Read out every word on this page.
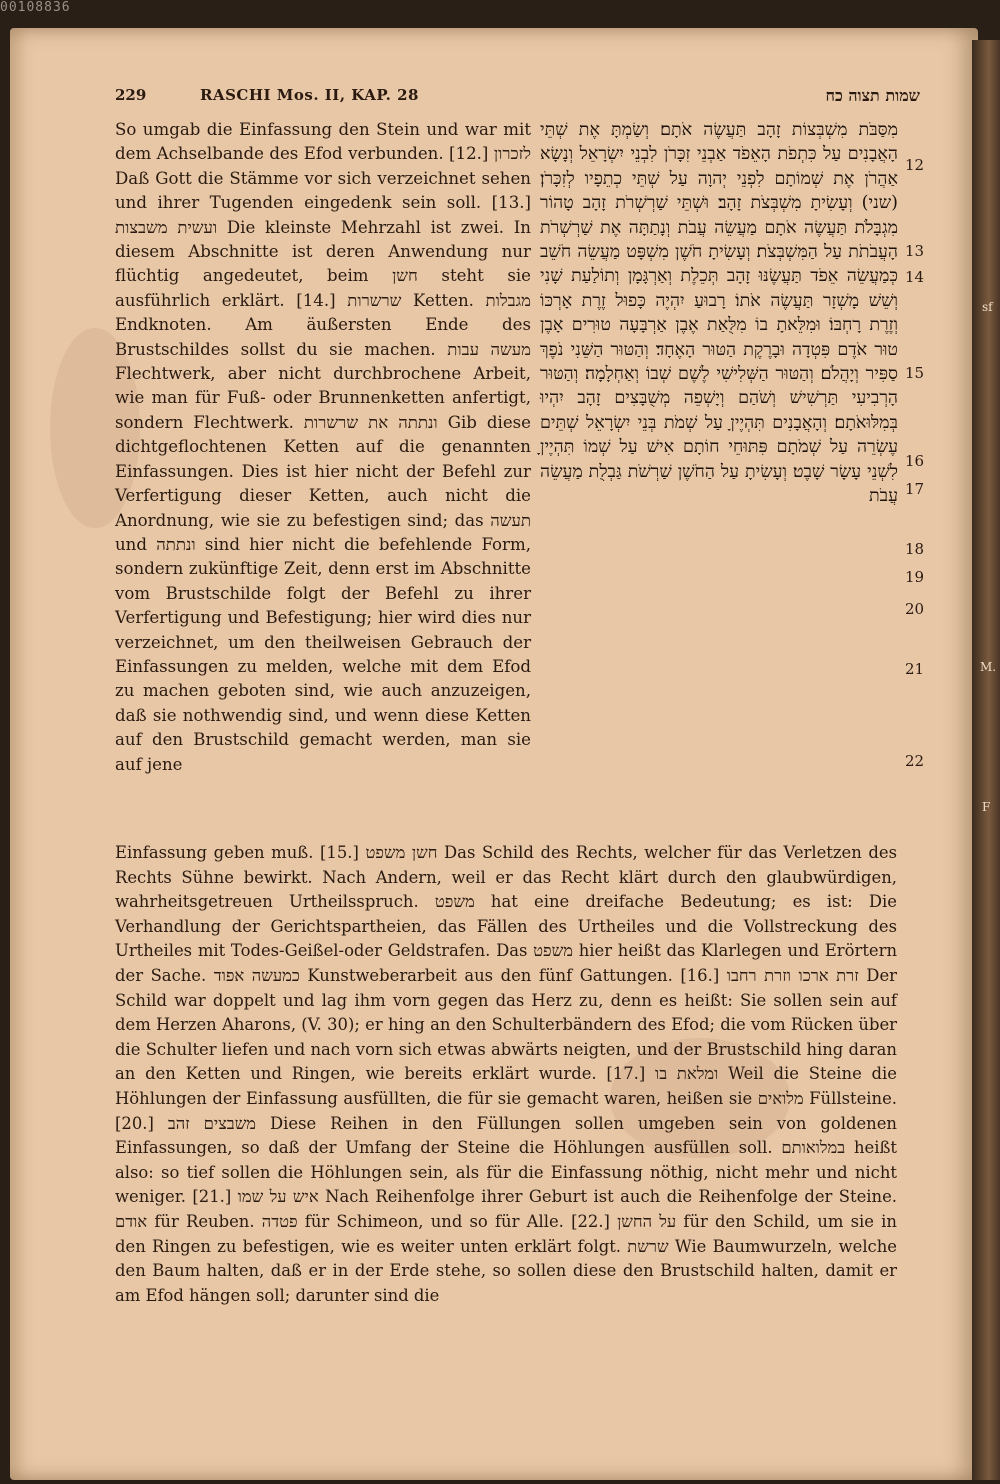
00108836
sf
M.
F
229	RASCHI Mos. II, KAP. 28	שמות תצוה כח
So umgab die Einfassung den Stein und war mit dem Achselbande des Efod verbunden. [12.] לזכרון Daß Gott die Stämme vor sich verzeichnet sehen und ihrer Tugenden eingedenk sein soll. [13.] ועשית משבצות Die kleinste Mehrzahl ist zwei. In diesem Abschnitte ist deren Anwendung nur flüchtig angedeutet, beim חשן steht sie ausführlich erklärt. [14.] שרשרות Ketten. מגבלות Endknoten. Am äußersten Ende des Brustschildes sollst du sie machen. מעשה עבות Flechtwerk, aber nicht durchbrochene Arbeit, wie man für Fuß- oder Brunnenketten anfertigt, sondern Flechtwerk. ונתתה את שרשרות Gib diese dichtgeflochtenen Ketten auf die genannten Einfassungen. Dies ist hier nicht der Befehl zur Verfertigung dieser Ketten, auch nicht die Anordnung, wie sie zu befestigen sind; das תעשה und ונתתה sind hier nicht die befehlende Form, sondern zukünftige Zeit, denn erst im Abschnitte vom Brustschilde folgt der Befehl zu ihrer Verfertigung und Befestigung; hier wird dies nur verzeichnet, um den theilweisen Gebrauch der Einfassungen zu melden, welche mit dem Efod zu machen geboten sind, wie auch anzuzeigen, daß sie nothwendig sind, und wenn diese Ketten auf den Brustschild gemacht werden, man sie auf jene
מִסַּבֹּת מִשְׁבְּצוֹת זָהָב תַּעֲשֶׂה אֹתָם׃ וְשַׂמְתָּ אֶת שְׁתֵּי הָאֲבָנִים עַל כִּתְפֹת הָאֵפֹד אַבְנֵי זִכָּרֹן לִבְנֵי יִשְׂרָאֵל וְנָשָׂא אַהֲרֹן אֶת שְׁמוֹתָם לִפְנֵי יְהוָה עַל שְׁתֵּי כְתֵפָיו לְזִכָּרֹן׃ (שני) וְעָשִׂיתָ מִשְׁבְּצֹת זָהָב׃ וּשְׁתֵּי שַׁרְשְׁרֹת זָהָב טָהוֹר מִגְבָּלֹת תַּעֲשֶׂה אֹתָם מַעֲשֵׂה עֲבֹת וְנָתַתָּה אֶת שַׁרְשְׁרֹת הָעֲבֹתֹת עַל הַמִּשְׁבְּצֹת׃ וְעָשִׂיתָ חֹשֶׁן מִשְׁפָּט מַעֲשֵׂה חֹשֵׁב כְּמַעֲשֵׂה אֵפֹד תַּעֲשֶׂנּוּ זָהָב תְּכֵלֶת וְאַרְגָּמָן וְתוֹלַעַת שָׁנִי וְשֵׁשׁ מָשְׁזָר תַּעֲשֶׂה אֹתוֹ׃ רָבוּעַ יִהְיֶה כָּפוּל זֶרֶת אָרְכּוֹ וְזֶרֶת רָחְבּוֹ׃ וּמִלֵּאתָ בוֹ מִלֻּאַת אֶבֶן אַרְבָּעָה טוּרִים אָבֶן טוּר אֹדֶם פִּטְדָה וּבָרֶקֶת הַטּוּר הָאֶחָד׃ וְהַטּוּר הַשֵּׁנִי נֹפֶךְ סַפִּיר וְיָהֲלֹם׃ וְהַטּוּר הַשְּׁלִישִׁי לֶשֶׁם שְׁבוֹ וְאַחְלָמָה׃ וְהַטּוּר הָרְבִיעִי תַּרְשִׁישׁ וְשֹׁהַם וְיָשְׁפֵה מְשֻׁבָּצִים זָהָב יִהְיוּ בְּמִלּוּאֹתָם׃ וְהָאֲבָנִים תִּהְיֶיןָ עַל שְׁמֹת בְּנֵי יִשְׂרָאֵל שְׁתֵּים עֶשְׂרֵה עַל שְׁמֹתָם פִּתּוּחֵי חוֹתָם אִישׁ עַל שְׁמוֹ תִּהְיֶיןָ לִשְׁנֵי עָשָׂר שָׁבֶט׃ וְעָשִׂיתָ עַל הַחֹשֶׁן שַׁרְשֹׁת גַּבְלֻת מַעֲשֵׂה עֲבֹת
12
13
14
15
16
17
18
19
20
21
22
Einfassung geben muß. [15.] חשן משפט Das Schild des Rechts, welcher für das Verletzen des Rechts Sühne bewirkt. Nach Andern, weil er das Recht klärt durch den glaubwürdigen, wahrheitsgetreuen Urtheilsspruch. משפט hat eine dreifache Bedeutung; es ist: Die Verhandlung der Gerichtspartheien, das Fällen des Urtheiles und die Vollstreckung des Urtheiles mit Todes-Geißel-oder Geldstrafen. Das משפט hier heißt das Klarlegen und Erörtern der Sache. כמעשה אפוד Kunstweberarbeit aus den fünf Gattungen. [16.] זרת ארכו וזרת רחבו Der Schild war doppelt und lag ihm vorn gegen das Herz zu, denn es heißt: Sie sollen sein auf dem Herzen Aharons, (V. 30); er hing an den Schulterbändern des Efod; die vom Rücken über die Schulter liefen und nach vorn sich etwas abwärts neigten, und der Brustschild hing daran an den Ketten und Ringen, wie bereits erklärt wurde. [17.] ומלאת בו Weil die Steine die Höhlungen der Einfassung ausfüllten, die für sie gemacht waren, heißen sie מלואים Füllsteine. [20.] משבצים זהב Diese Reihen in den Füllungen sollen umgeben sein von goldenen Einfassungen, so daß der Umfang der Steine die Höhlungen ausfüllen soll. במלואותם heißt also: so tief sollen die Höhlungen sein, als für die Einfassung nöthig, nicht mehr und nicht weniger. [21.] איש על שמו Nach Reihenfolge ihrer Geburt ist auch die Reihenfolge der Steine. אודם für Reuben. פטדה für Schimeon, und so für Alle. [22.] על החשן für den Schild, um sie in den Ringen zu befestigen, wie es weiter unten erklärt folgt. שרשת Wie Baumwurzeln, welche den Baum halten, daß er in der Erde stehe, so sollen diese den Brustschild halten, damit er am Efod hängen soll; darunter sind die
